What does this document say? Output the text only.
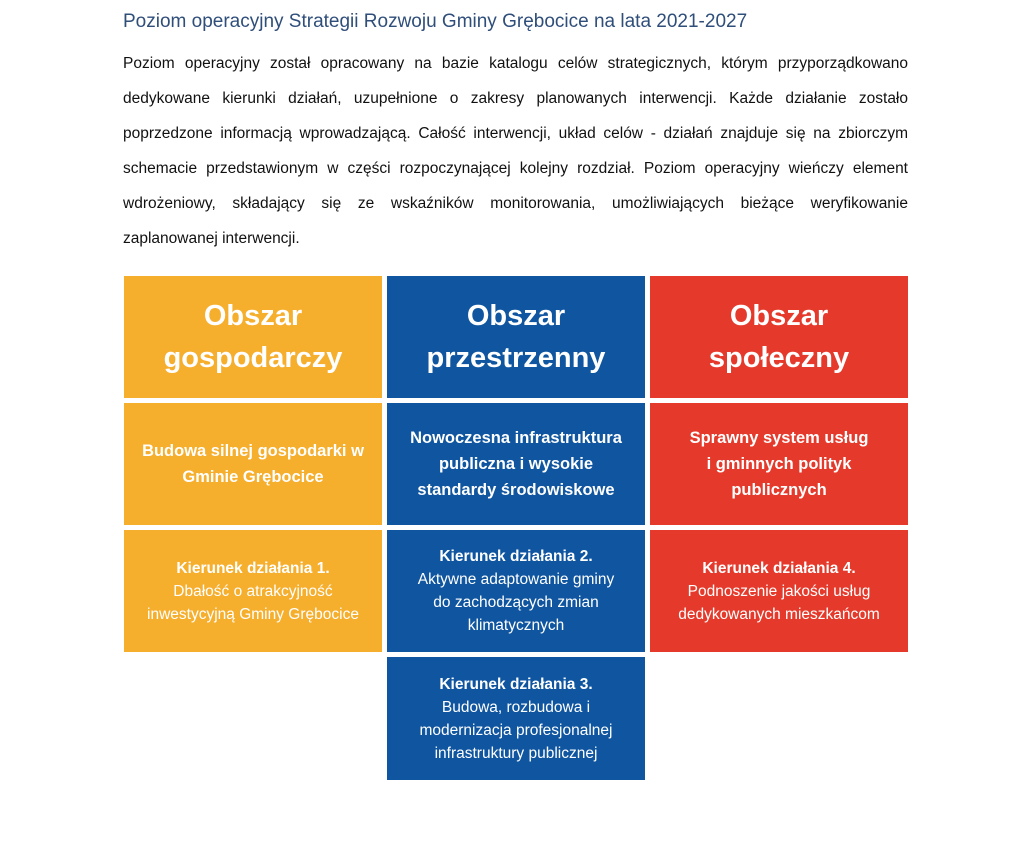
Poziom operacyjny Strategii Rozwoju Gminy Grębocice na lata 2021-2027
Poziom operacyjny został opracowany na bazie katalogu celów strategicznych, którym przyporządkowano dedykowane kierunki działań, uzupełnione o zakresy planowanych interwencji. Każde działanie zostało poprzedzone informacją wprowadzającą. Całość interwencji, układ celów - działań znajduje się na zbiorczym schemacie przedstawionym w części rozpoczynającej kolejny rozdział. Poziom operacyjny wieńczy element wdrożeniowy, składający się ze wskaźników monitorowania, umożliwiających bieżące weryfikowanie zaplanowanej interwencji.
Obszar
gospodarczy
Obszar
przestrzenny
Obszar
społeczny
Budowa silnej gospodarki w
Gminie Grębocice
Nowoczesna infrastruktura
publiczna i wysokie
standardy środowiskowe
Sprawny system usług
i gminnych polityk
publicznych
Kierunek działania 1.
Dbałość o atrakcyjność
inwestycyjną Gminy Grębocice
Kierunek działania 2.
Aktywne adaptowanie gminy
do zachodzących zmian
klimatycznych
Kierunek działania 4.
Podnoszenie jakości usług
dedykowanych mieszkańcom
Kierunek działania 3.
Budowa, rozbudowa i
modernizacja profesjonalnej
infrastruktury publicznej
